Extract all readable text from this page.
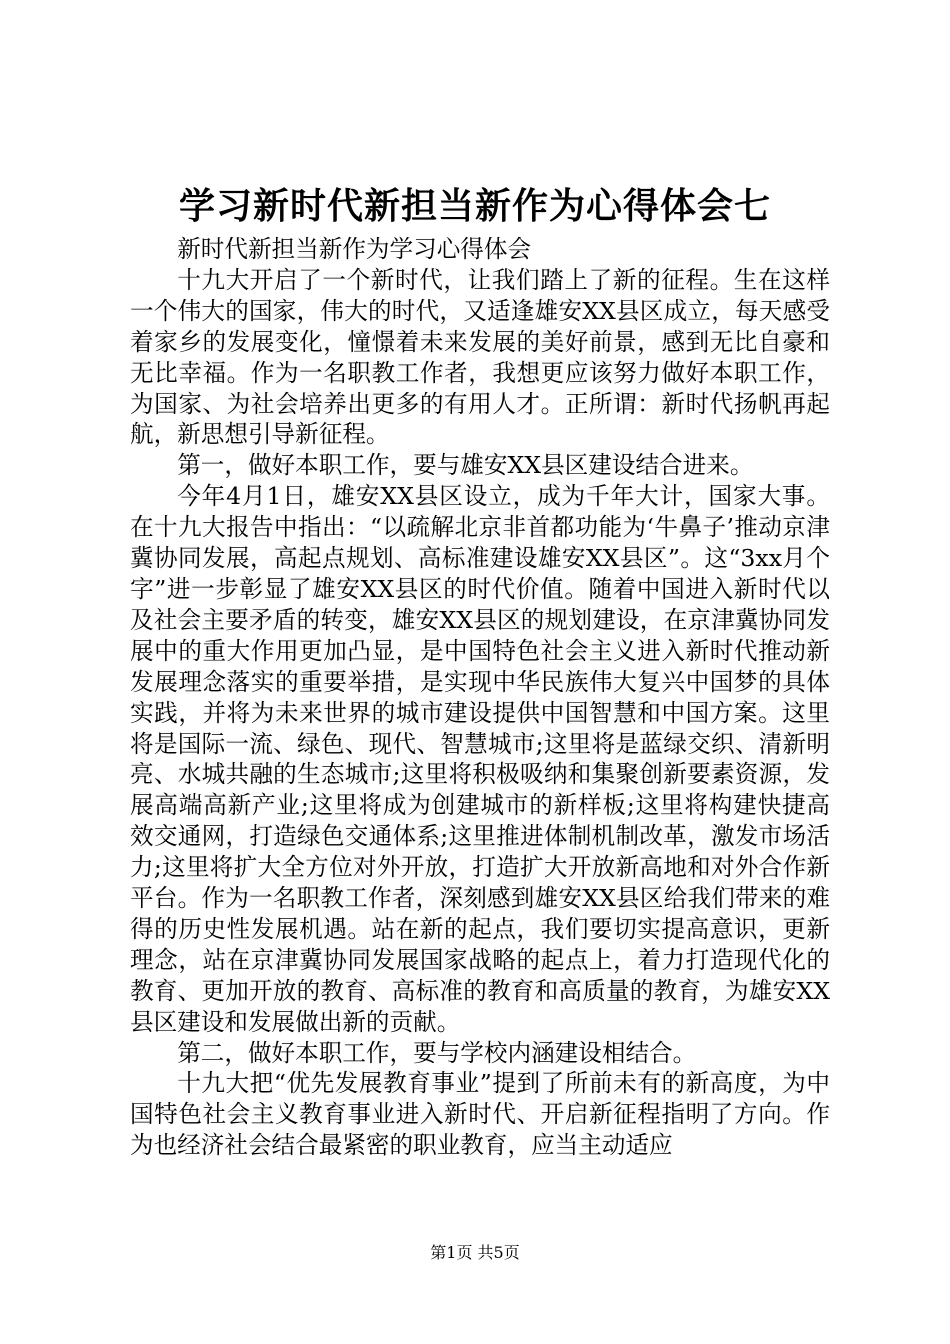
学习新时代新担当新作为心得体会七

新时代新担当新作为学习心得体会

十九大开启了一个新时代，让我们踏上了新的征程。生在这样一个伟大的国家，伟大的时代，又适逢雄安XX县区成立，每天感受着家乡的发展变化，憧憬着未来发展的美好前景，感到无比自豪和无比幸福。作为一名职教工作者，我想更应该努力做好本职工作，为国家、为社会培养出更多的有用人才。正所谓：新时代扬帆再起航，新思想引导新征程。

第一，做好本职工作，要与雄安XX县区建设结合进来。

今年4月1日，雄安XX县区设立，成为千年大计，国家大事。在十九大报告中指出：“以疏解北京非首都功能为‘牛鼻子’推动京津冀协同发展，高起点规划、高标准建设雄安XX县区”。这“3xx月个字”进一步彰显了雄安XX县区的时代价值。随着中国进入新时代以及社会主要矛盾的转变，雄安XX县区的规划建设，在京津冀协同发展中的重大作用更加凸显，是中国特色社会主义进入新时代推动新发展理念落实的重要举措，是实现中华民族伟大复兴中国梦的具体实践，并将为未来世界的城市建设提供中国智慧和中国方案。这里将是国际一流、绿色、现代、智慧城市;这里将是蓝绿交织、清新明亮、水城共融的生态城市;这里将积极吸纳和集聚创新要素资源，发展高端高新产业;这里将成为创建城市的新样板;这里将构建快捷高效交通网，打造绿色交通体系;这里推进体制机制改革，激发市场活力;这里将扩大全方位对外开放，打造扩大开放新高地和对外合作新平台。作为一名职教工作者，深刻感到雄安XX县区给我们带来的难得的历史性发展机遇。站在新的起点，我们要切实提高意识，更新理念，站在京津冀协同发展国家战略的起点上，着力打造现代化的教育、更加开放的教育、高标准的教育和高质量的教育，为雄安XX县区建设和发展做出新的贡献。

第二，做好本职工作，要与学校内涵建设相结合。

十九大把“优先发展教育事业”提到了所前未有的新高度，为中国特色社会主义教育事业进入新时代、开启新征程指明了方向。作为也经济社会结合最紧密的职业教育，应当主动适应

第1页 共5页
